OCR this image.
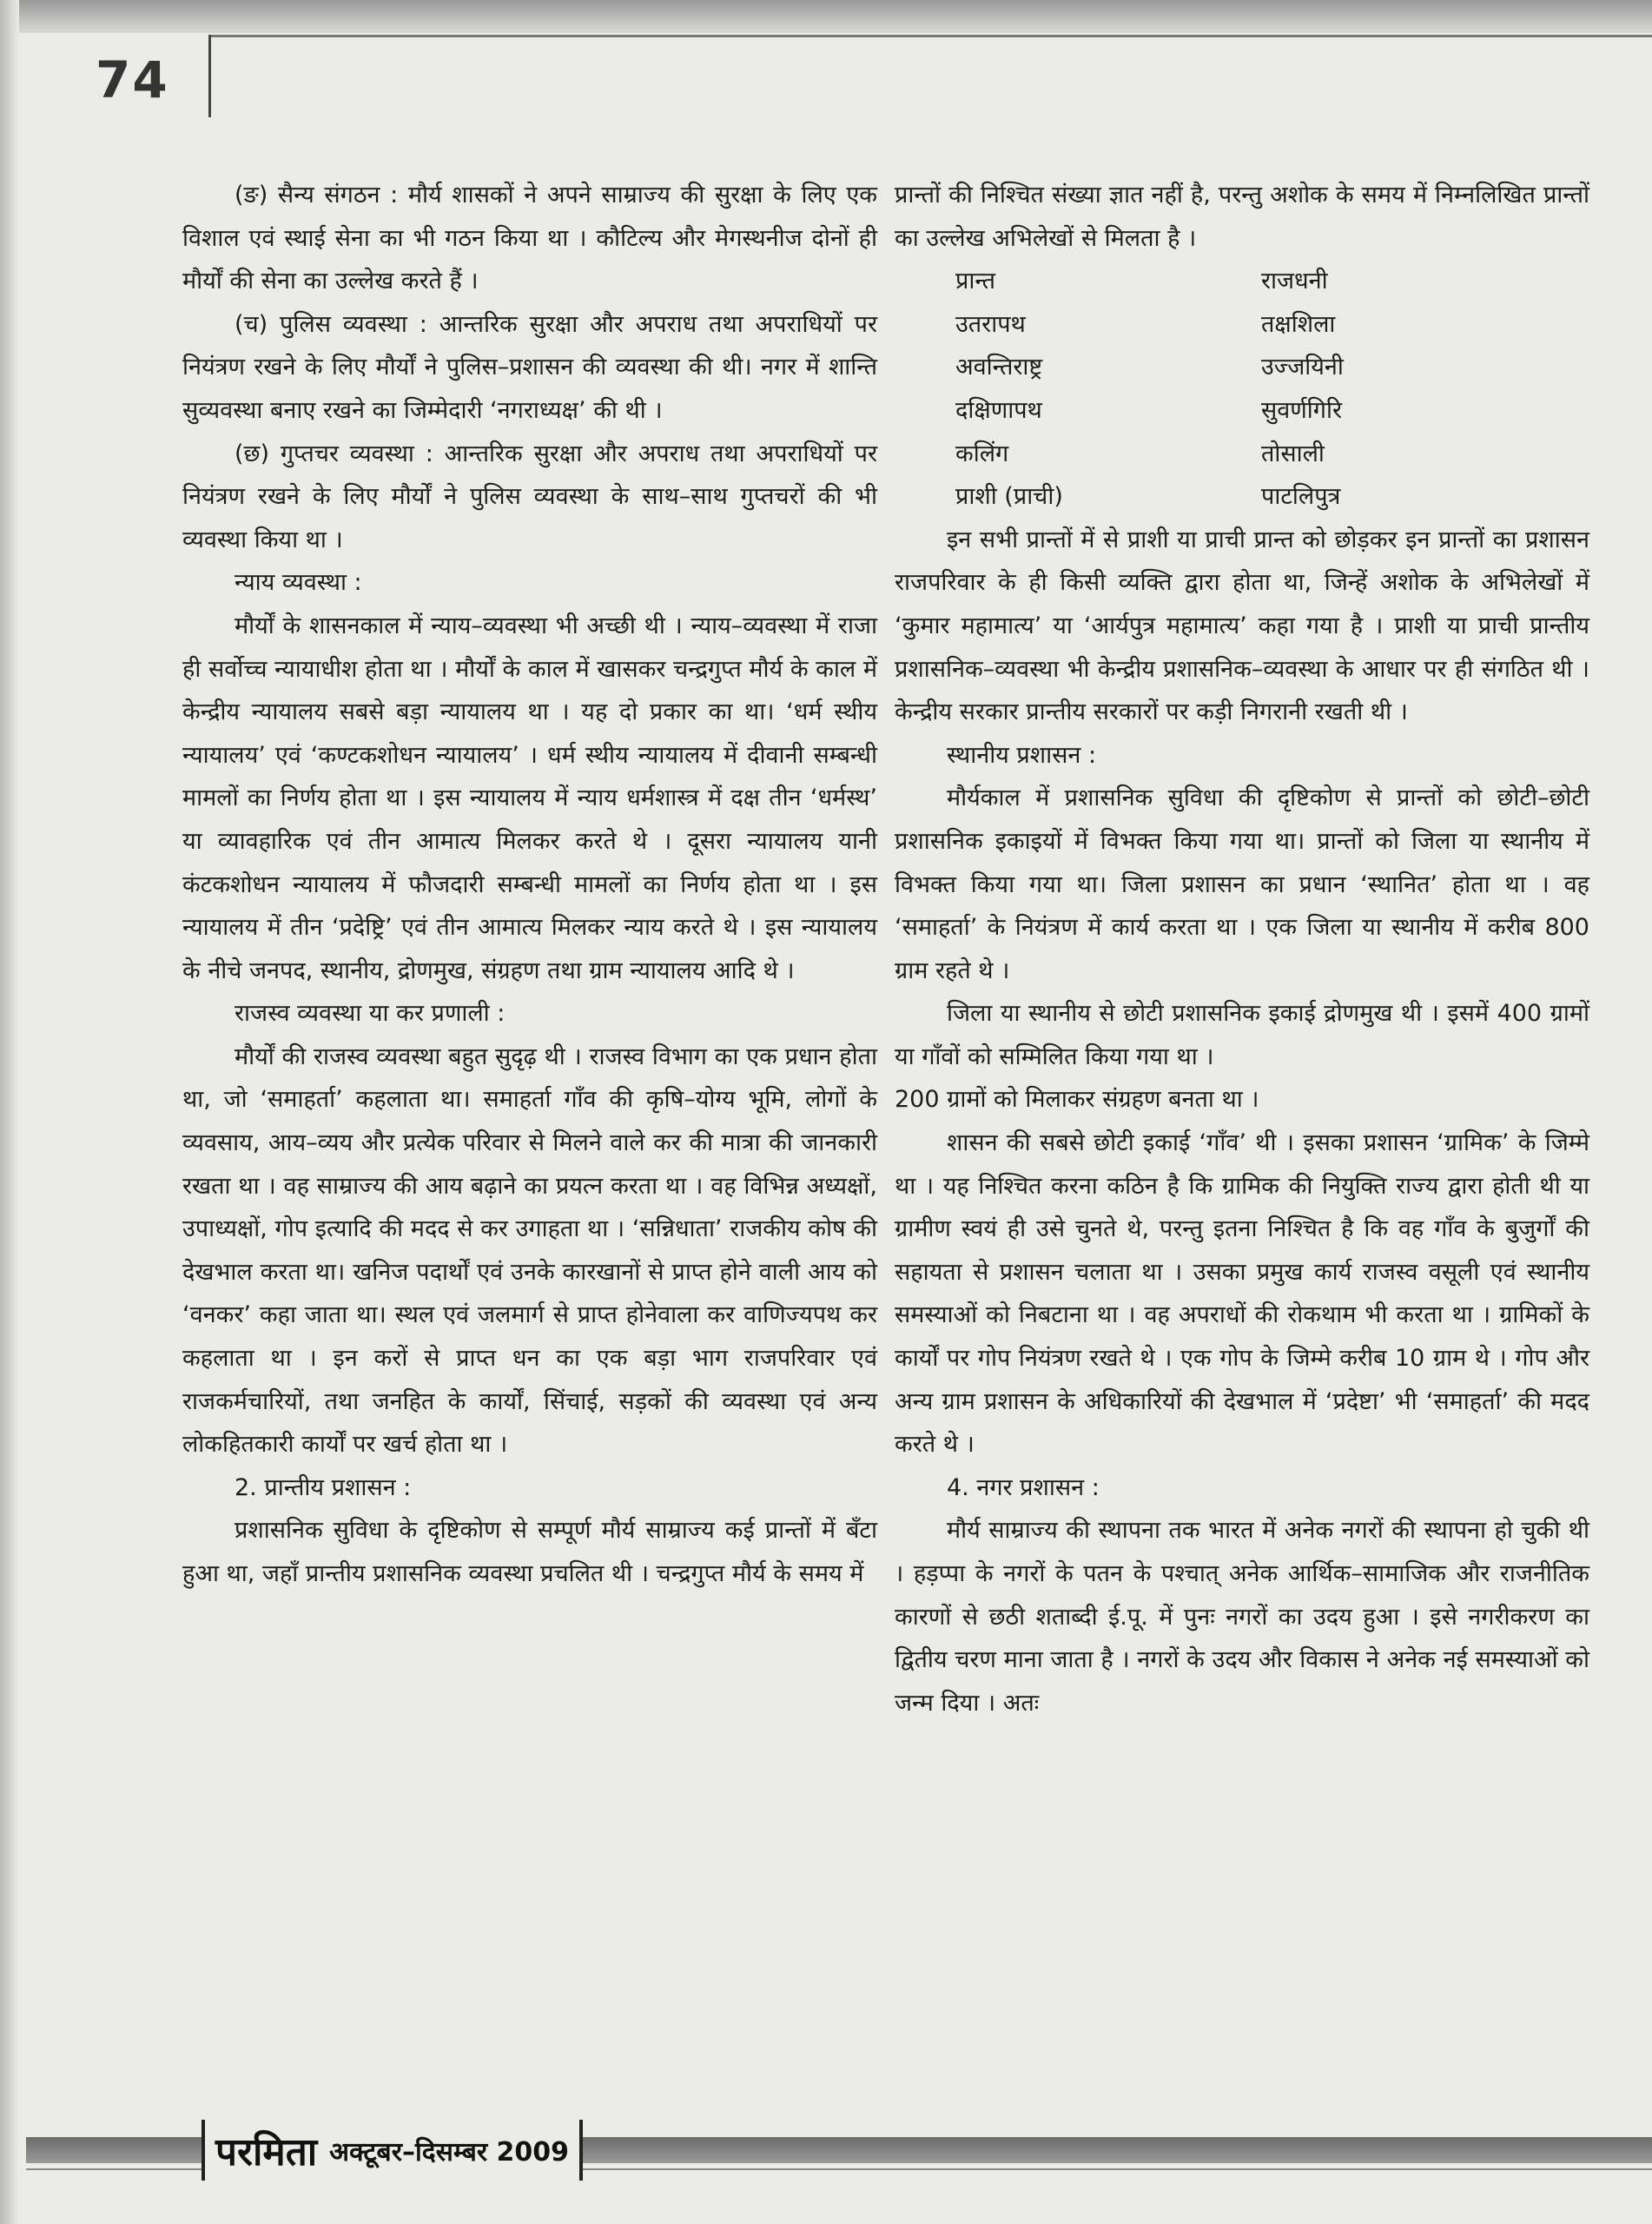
74

(ङ) सैन्य संगठन : मौर्य शासकों ने अपने साम्राज्य की सुरक्षा के लिए एक विशाल एवं स्थाई सेना का भी गठन किया था । कौटिल्य और मेगस्थनीज दोनों ही मौर्यों की सेना का उल्लेख करते हैं ।

(च) पुलिस व्यवस्था : आन्तरिक सुरक्षा और अपराध तथा अपराधियों पर नियंत्रण रखने के लिए मौर्यों ने पुलिस–प्रशासन की व्यवस्था की थी। नगर में शान्ति सुव्यवस्था बनाए रखने का जिम्मेदारी ‘नगराध्यक्ष’ की थी ।

(छ) गुप्तचर व्यवस्था : आन्तरिक सुरक्षा और अपराध तथा अपराधियों पर नियंत्रण रखने के लिए मौर्यों ने पुलिस व्यवस्था के साथ–साथ गुप्तचरों की भी व्यवस्था किया था ।

न्याय व्यवस्था :

मौर्यों के शासनकाल में न्याय–व्यवस्था भी अच्छी थी । न्याय–व्यवस्था में राजा ही सर्वोच्च न्यायाधीश होता था । मौर्यों के काल में खासकर चन्द्रगुप्त मौर्य के काल में केन्द्रीय न्यायालय सबसे बड़ा न्यायालय था । यह दो प्रकार का था। ‘धर्म स्थीय न्यायालय’ एवं ‘कण्टकशोधन न्यायालय’ । धर्म स्थीय न्यायालय में दीवानी सम्बन्धी मामलों का निर्णय होता था । इस न्यायालय में न्याय धर्मशास्त्र में दक्ष तीन ‘धर्मस्थ’ या व्यावहारिक एवं तीन आमात्य मिलकर करते थे । दूसरा न्यायालय यानी कंटकशोधन न्यायालय में फौजदारी सम्बन्धी मामलों का निर्णय होता था । इस न्यायालय में तीन ‘प्रदेष्ट्रि’ एवं तीन आमात्य मिलकर न्याय करते थे । इस न्यायालय के नीचे जनपद, स्थानीय, द्रोणमुख, संग्रहण तथा ग्राम न्यायालय आदि थे ।

राजस्व व्यवस्था या कर प्रणाली :

मौर्यों की राजस्व व्यवस्था बहुत सुदृढ़ थी । राजस्व विभाग का एक प्रधान होता था, जो ‘समाहर्ता’ कहलाता था। समाहर्ता गाँव की कृषि–योग्य भूमि, लोगों के व्यवसाय, आय–व्यय और प्रत्येक परिवार से मिलने वाले कर की मात्रा की जानकारी रखता था । वह साम्राज्य की आय बढ़ाने का प्रयत्न करता था । वह विभिन्न अध्यक्षों, उपाध्यक्षों, गोप इत्यादि की मदद से कर उगाहता था । ‘सन्निधाता’ राजकीय कोष की देखभाल करता था। खनिज पदार्थों एवं उनके कारखानों से प्राप्त होने वाली आय को ‘वनकर’ कहा जाता था। स्थल एवं जलमार्ग से प्राप्त होनेवाला कर वाणिज्यपथ कर कहलाता था । इन करों से प्राप्त धन का एक बड़ा भाग राजपरिवार एवं राजकर्मचारियों, तथा जनहित के कार्यों, सिंचाई, सड़कों की व्यवस्था एवं अन्य लोकहितकारी कार्यों पर खर्च होता था ।

2. प्रान्तीय प्रशासन :

प्रशासनिक सुविधा के दृष्टिकोण से सम्पूर्ण मौर्य साम्राज्य कई प्रान्तों में बँटा हुआ था, जहाँ प्रान्तीय प्रशासनिक व्यवस्था प्रचलित थी । चन्द्रगुप्त मौर्य के समय में

प्रान्तों की निश्चित संख्या ज्ञात नहीं है, परन्तु अशोक के समय में निम्नलिखित प्रान्तों का उल्लेख अभिलेखों से मिलता है ।

प्रान्त	राजधनी
उतरापथ	तक्षशिला
अवन्तिराष्ट्र	उज्जयिनी
दक्षिणापथ	सुवर्णगिरि
कलिंग	तोसाली
प्राशी (प्राची)	पाटलिपुत्र

इन सभी प्रान्तों में से प्राशी या प्राची प्रान्त को छोड़कर इन प्रान्तों का प्रशासन राजपरिवार के ही किसी व्यक्ति द्वारा होता था, जिन्हें अशोक के अभिलेखों में ‘कुमार महामात्य’ या ‘आर्यपुत्र महामात्य’ कहा गया है । प्राशी या प्राची प्रान्तीय प्रशासनिक–व्यवस्था भी केन्द्रीय प्रशासनिक–व्यवस्था के आधार पर ही संगठित थी । केन्द्रीय सरकार प्रान्तीय सरकारों पर कड़ी निगरानी रखती थी ।

स्थानीय प्रशासन :

मौर्यकाल में प्रशासनिक सुविधा की दृष्टिकोण से प्रान्तों को छोटी–छोटी प्रशासनिक इकाइयों में विभक्त किया गया था। प्रान्तों को जिला या स्थानीय में विभक्त किया गया था। जिला प्रशासन का प्रधान ‘स्थानित’ होता था । वह ‘समाहर्ता’ के नियंत्रण में कार्य करता था । एक जिला या स्थानीय में करीब 800 ग्राम रहते थे ।

जिला या स्थानीय से छोटी प्रशासनिक इकाई द्रोणमुख थी । इसमें 400 ग्रामों या गाँवों को सम्मिलित किया गया था ।

200 ग्रामों को मिलाकर संग्रहण बनता था ।

शासन की सबसे छोटी इकाई ‘गाँव’ थी । इसका प्रशासन ‘ग्रामिक’ के जिम्मे था । यह निश्चित करना कठिन है कि ग्रामिक की नियुक्ति राज्य द्वारा होती थी या ग्रामीण स्वयं ही उसे चुनते थे, परन्तु इतना निश्चित है कि वह गाँव के बुजुर्गों की सहायता से प्रशासन चलाता था । उसका प्रमुख कार्य राजस्व वसूली एवं स्थानीय समस्याओं को निबटाना था । वह अपराधों की रोकथाम भी करता था । ग्रामिकों के कार्यों पर गोप नियंत्रण रखते थे । एक गोप के जिम्मे करीब 10 ग्राम थे । गोप और अन्य ग्राम प्रशासन के अधिकारियों की देखभाल में ‘प्रदेष्टा’ भी ‘समाहर्ता’ की मदद करते थे ।

4. नगर प्रशासन :

मौर्य साम्राज्य की स्थापना तक भारत में अनेक नगरों की स्थापना हो चुकी थी । हड़प्पा के नगरों के पतन के पश्चात् अनेक आर्थिक–सामाजिक और राजनीतिक कारणों से छठी शताब्दी ई.पू. में पुनः नगरों का उदय हुआ । इसे नगरीकरण का द्वितीय चरण माना जाता है । नगरों के उदय और विकास ने अनेक नई समस्याओं को जन्म दिया । अतः

परमिता अक्टूबर–दिसम्बर 2009
